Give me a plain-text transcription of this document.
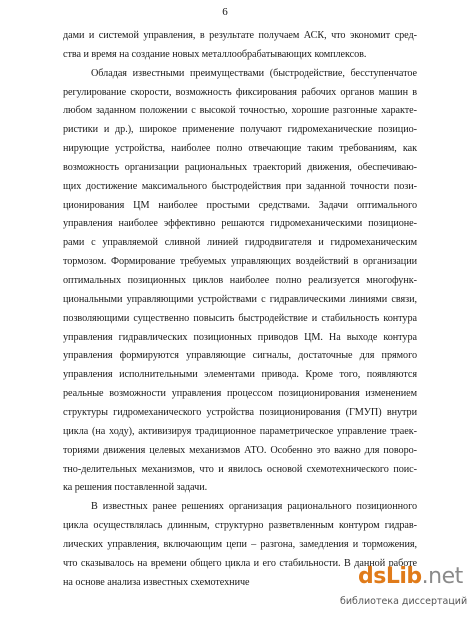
6
дами и системой управления, в результате получаем АСК, что экономит сред-
ства и время на создание новых металлообрабатывающих комплексов.
Обладая известными преимуществами (быстродействие, бесступенчатое
регулирование скорости, возможность фиксирования рабочих органов машин в
любом заданном положении с высокой точностью, хорошие разгонные характе-
ристики и др.), широкое применение получают гидромеханические позицио-
нирующие устройства, наиболее полно отвечающие таким требованиям, как
возможность организации рациональных траекторий движения, обеспечиваю-
щих достижение максимального быстродействия при заданной точности пози-
ционирования ЦМ наиболее простыми средствами. Задачи оптимального
управления наиболее эффективно решаются гидромеханическими позиционе-
рами с управляемой сливной линией гидродвигателя и гидромеханическим
тормозом. Формирование требуемых управляющих воздействий в организации
оптимальных позиционных циклов наиболее полно реализуется многофунк-
циональными управляющими устройствами с гидравлическими линиями связи,
позволяющими существенно повысить быстродействие и стабильность контура
управления гидравлических позиционных приводов ЦМ. На выходе контура
управления формируются управляющие сигналы, достаточные для прямого
управления исполнительными элементами привода. Кроме того, появляются
реальные возможности управления процессом позиционирования изменением
структуры гидромеханического устройства позиционирования (ГМУП) внутри
цикла (на ходу), активизируя традиционное параметрическое управление траек-
ториями движения целевых механизмов АТО. Особенно это важно для поворо-
тно-делительных механизмов, что и явилось основой схемотехнического поис-
ка решения поставленной задачи.
В известных ранее решениях организация рационального позиционного
цикла осуществлялась длинным, структурно разветвленным контуром гидрав-
лических управления, включающим цепи – разгона, замедления и торможения,
что сказывалось на времени общего цикла и его стабильности. В данной работе
на основе анализа известных схемотехниче	dsLib.net
библиотека диссертаций
